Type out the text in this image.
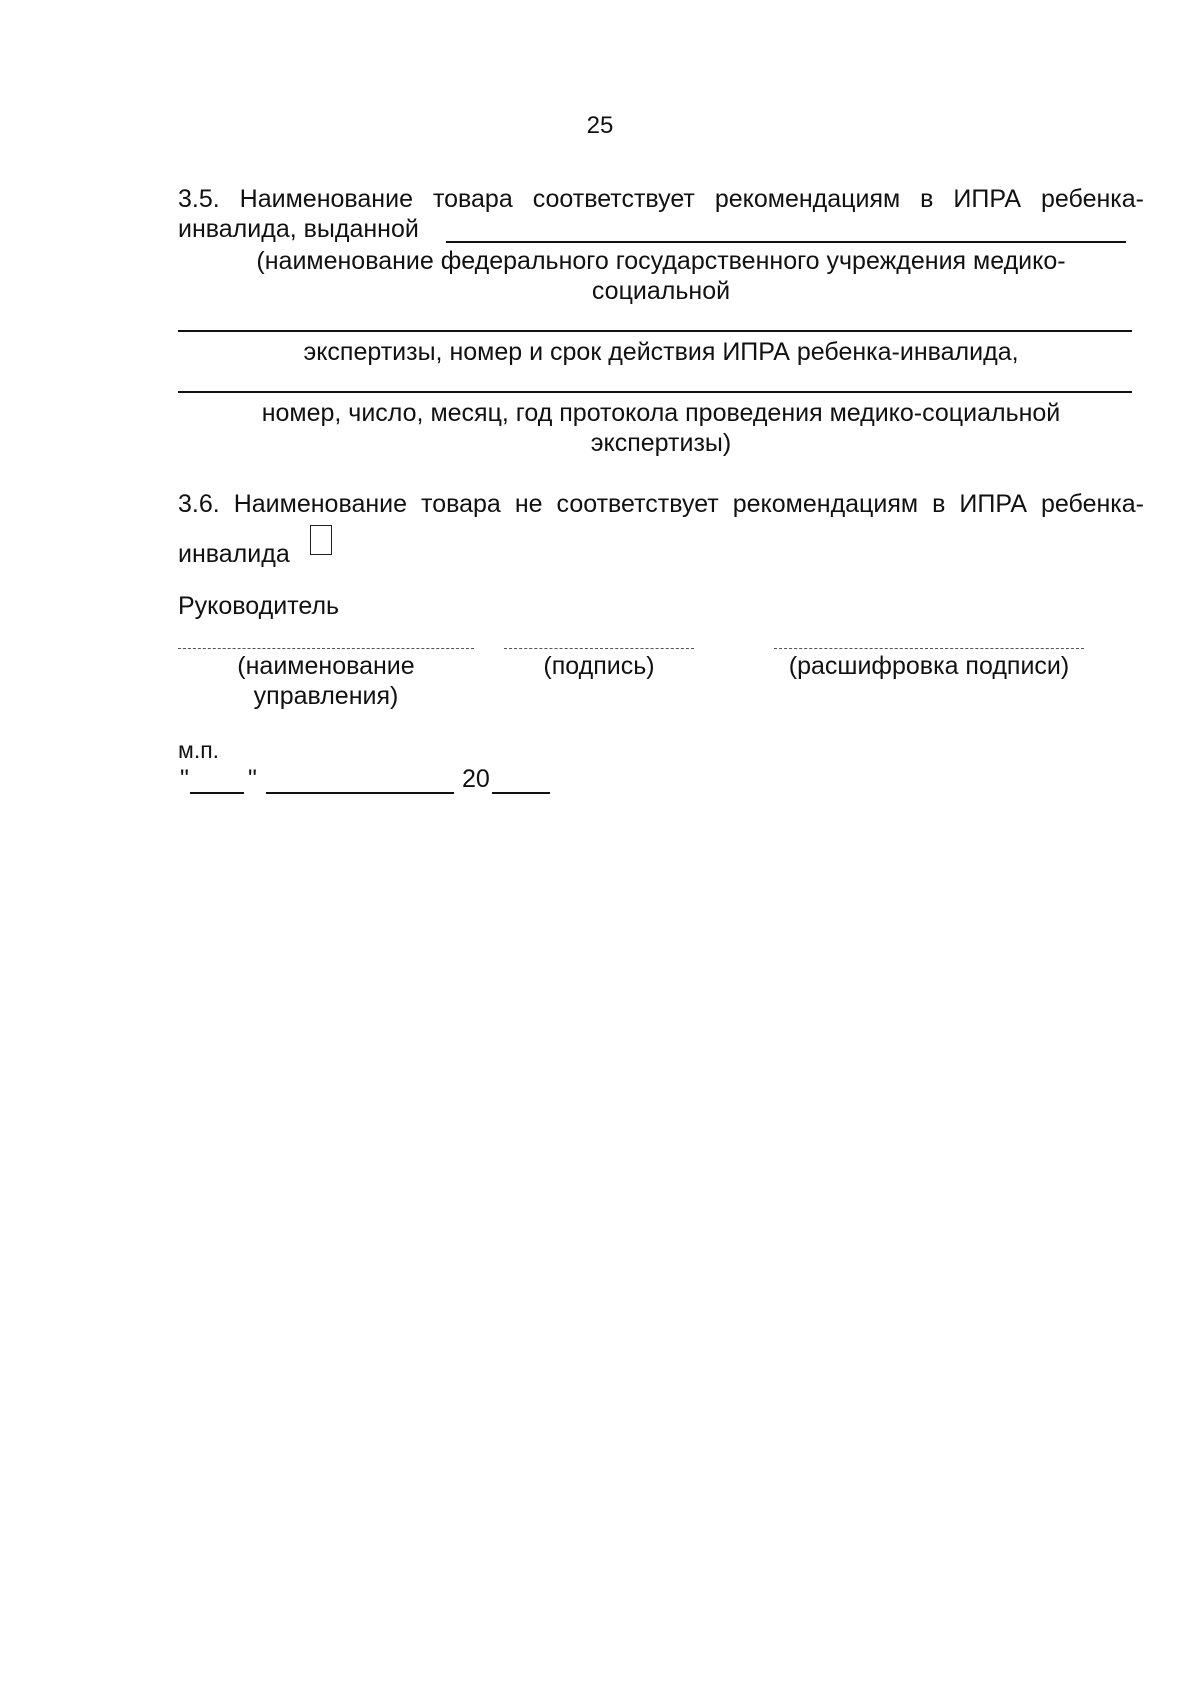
25
3.5. Наименование товара соответствует рекомендациям в ИПРА ребенка-
инвалида, выданной
(наименование федерального государственного учреждения медико-
социальной
экспертизы, номер и срок действия ИПРА ребенка-инвалида,
номер, число, месяц, год протокола проведения медико-социальной
экспертизы)
3.6. Наименование товара не соответствует рекомендациям в ИПРА ребенка-
инвалида
Руководитель
(наименование
управления)
(подпись)	(расшифровка подписи)
м.п.
" "	20
